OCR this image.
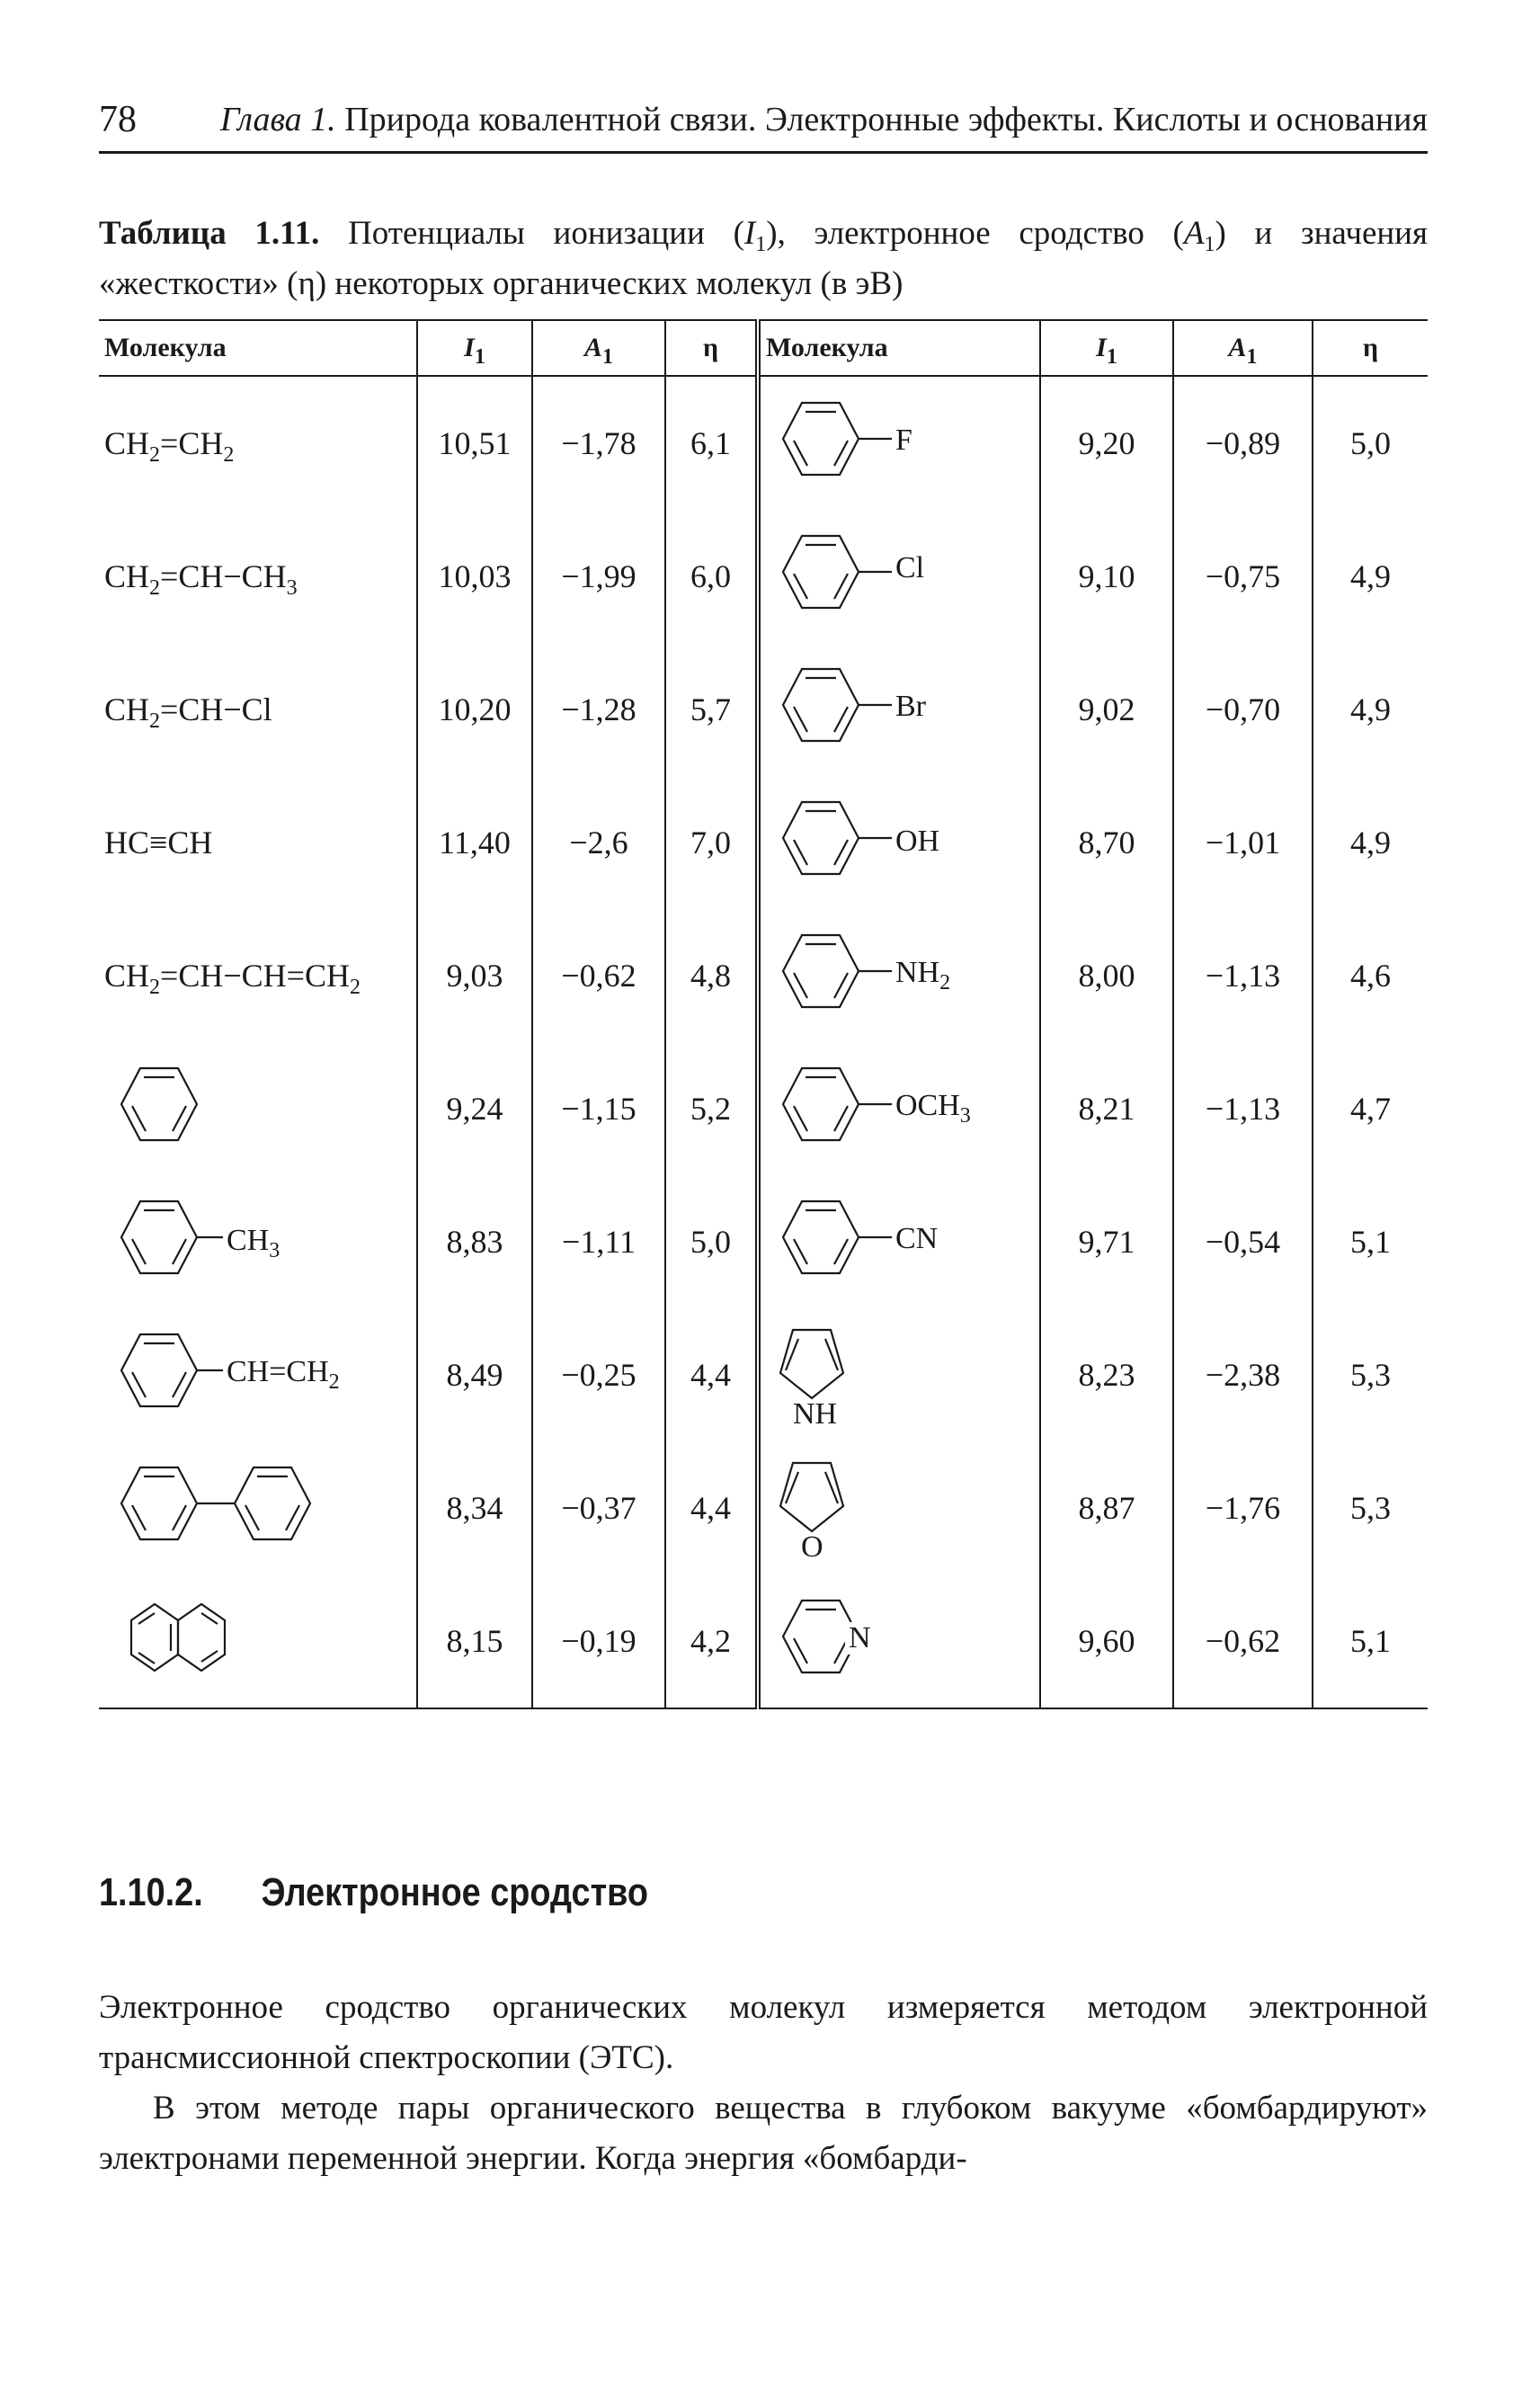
78 Глава 1. Природа ковалентной связи. Электронные эффекты. Кислоты и основания
Таблица 1.11. Потенциалы ионизации $(I_1)$, электронное сродство $(A_1)$ и значения «жесткости» (η) некоторых органических молекул (в эВ)
Молекула	$I_1$	$A_1$	η	Молекула	$I_1$	$A_1$	η
$CH_2=CH_2$	10,51	−1,78	6,1	F	9,20	−0,89	5,0
$CH_2=CH-CH_3$	10,03	−1,99	6,0	Cl	9,10	−0,75	4,9
$CH_2=CH-Cl$	10,20	−1,28	5,7	Br	9,02	−0,70	4,9
HC≡CH	11,40	−2,6	7,0	OH	8,70	−1,01	4,9
$CH_2=CH-CH=CH_2$	9,03	−0,62	4,8	$NH_2$	8,00	−1,13	4,6

	9,24	−1,15	5,2	$OCH_3$	8,21	−1,13	4,7

$CH_3$	8,83	−1,11	5,0	CN	9,71	−0,54	5,1

$CH=CH_2$	8,49	−0,25	4,4	NH	8,23	−2,38	5,3

	8,34	−0,37	4,4	O	8,87	−1,76	5,3

	8,15	−0,19	4,2	N	9,60	−0,62	5,1
1.10.2. Электронное сродство

Электронное сродство органических молекул измеряется методом электронной трансмиссионной спектроскопии (ЭТС).

В этом методе пары органического вещества в глубоком вакууме «бомбардируют» электронами переменной энергии. Когда энергия «бомбарди-
